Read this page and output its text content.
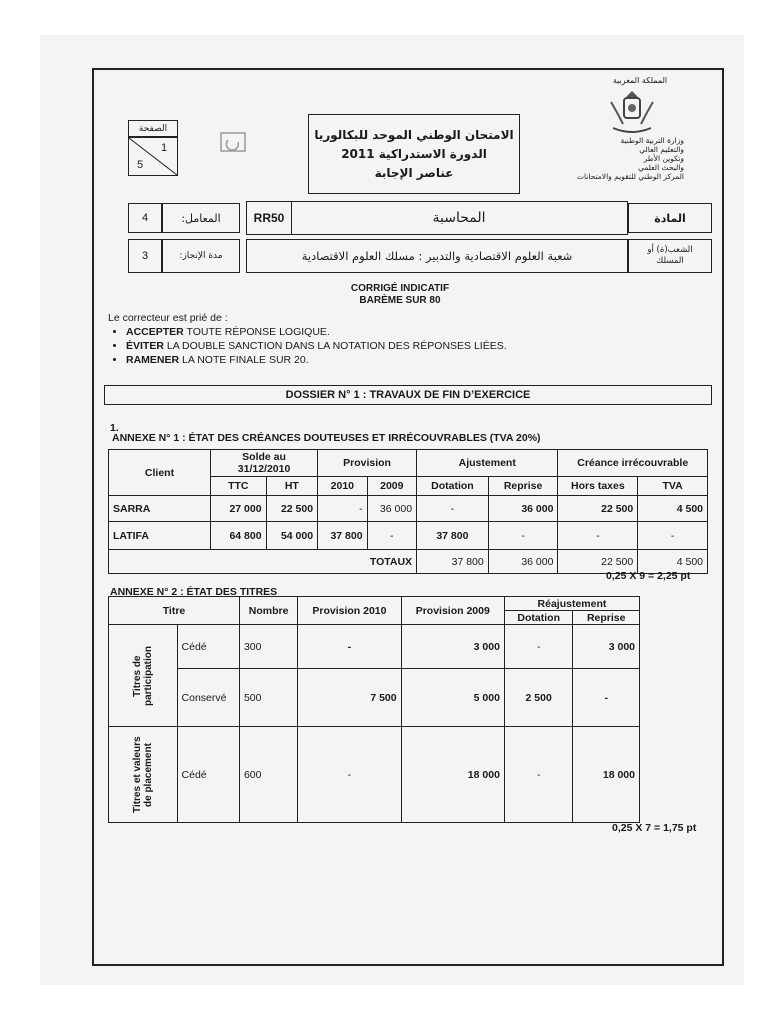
المملكة المغربية
وزارة التربية الوطنية
والتعليم العالي
وتكوين الأطر
والبحث العلمي
المركز الوطني للتقويم والامتحانات
الامتحان الوطني الموحد للبكالوريا
الدورة الاستدراكية 2011
عناصر الإجابة
الصفحة
1
5
4	المعامل:	RR50	المحاسبة	المادة
3	مدة الإنجاز:	شعبة العلوم الاقتصادية والتدبير : مسلك العلوم الاقتصادية	الشعب(ة) أو المسلك
CORRIGÉ INDICATIF
BARÈME SUR 80
Le correcteur est prié de :
• ACCEPTER TOUTE RÉPONSE LOGIQUE.
• ÉVITER LA DOUBLE SANCTION DANS LA NOTATION DES RÉPONSES LIÉES.
• RAMENER LA NOTE FINALE SUR 20.
DOSSIER N° 1 : TRAVAUX DE FIN D’EXERCICE
1.
ANNEXE N° 1 : ÉTAT DES CRÉANCES DOUTEUSES ET IRRÉCOUVRABLES (TVA 20%)
Client	Solde au 31/12/2010		Provision		Ajustement		Créance irrécouvrable	
	TTC	HT	2010	2009	Dotation	Reprise	Hors taxes	TVA
SARRA	27 000	22 500	-	36 000	-	36 000	22 500	4 500
LATIFA	64 800	54 000	37 800	-	37 800	-	-	-
TOTAUX					37 800	36 000	22 500	4 500
0,25 X 9 = 2,25 pt
ANNEXE N° 2 : ÉTAT DES TITRES
Titre		Nombre	Provision 2010	Provision 2009	Réajustement	
					Dotation	Reprise

Titres de participation	Cédé	300	-	3 000	-	3 000
	Conservé	500	7 500	5 000	2 500	-

Titres et valeurs de placement	Cédé	600	-	18 000	-	18 000
0,25 X 7 = 1,75 pt
